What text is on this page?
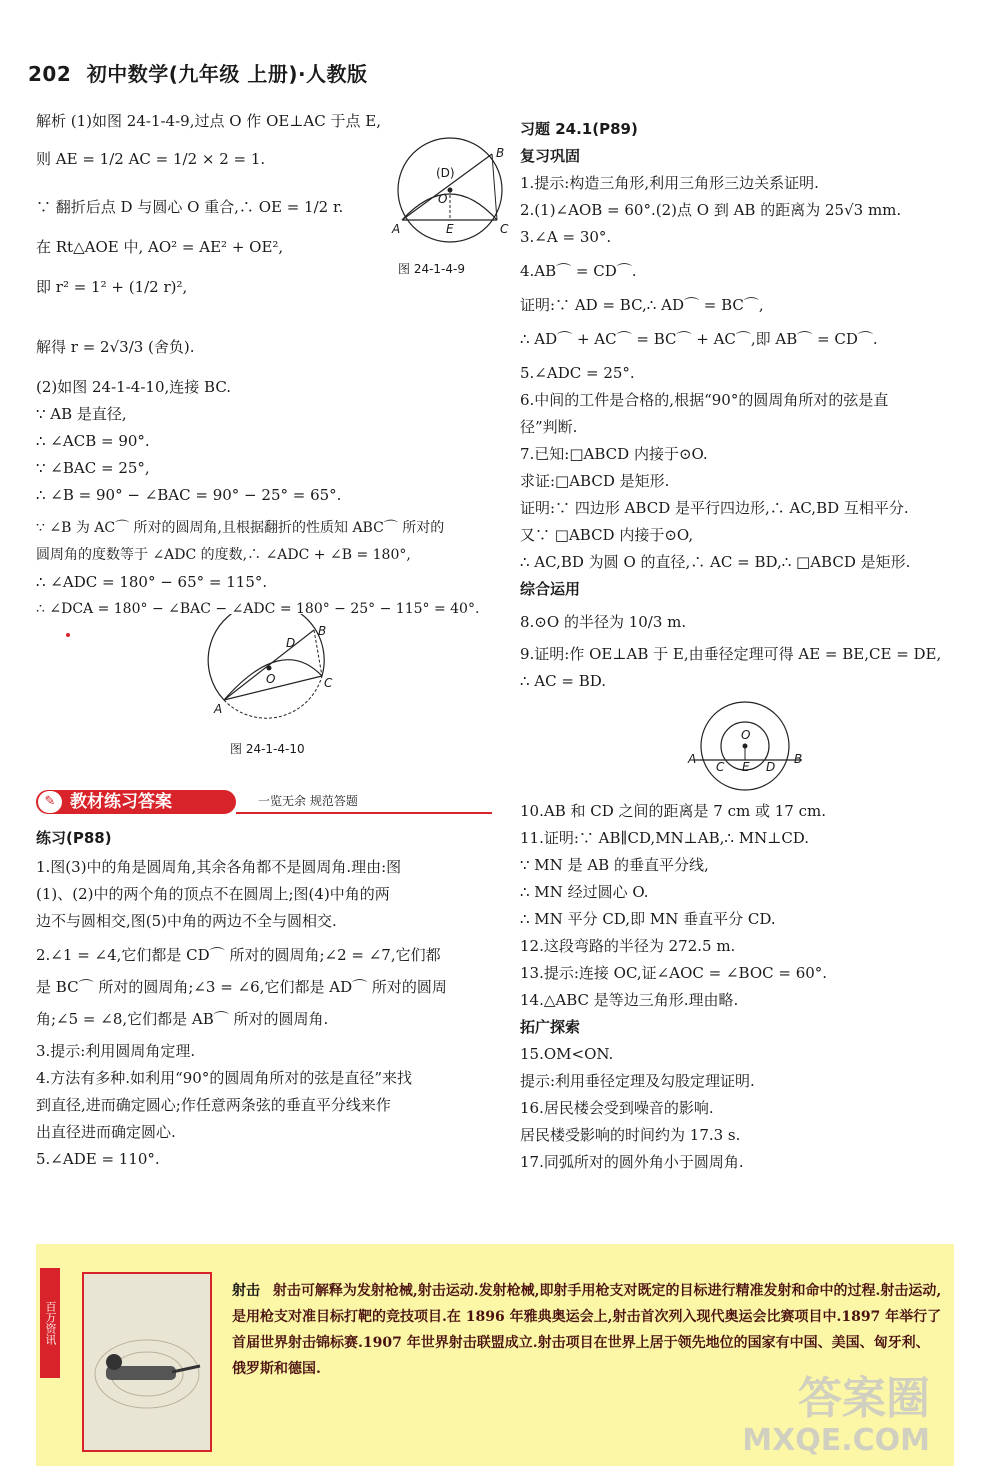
202 初中数学(九年级 上册)·人教版
解析 (1)如图 24-1-4-9,过点 O 作 OE⊥AC 于点 E,
则 AE = 1/2 AC = 1/2 × 2 = 1.
∵ 翻折后点 D 与圆心 O 重合,∴ OE = 1/2 r.
在 Rt△AOE 中, AO² = AE² + OE²,
即 r² = 1² + (1/2 r)²,
解得 r = 2√3/3 (舍负).
(2)如图 24-1-4-10,连接 BC.
∵ AB 是直径,
∴ ∠ACB = 90°.
∵ ∠BAC = 25°,
∴ ∠B = 90° − ∠BAC = 90° − 25° = 65°.
∵ ∠B 为 AC⌒ 所对的圆周角,且根据翻折的性质知 ABC⌒ 所对的
圆周角的度数等于 ∠ADC 的度数,∴ ∠ADC + ∠B = 180°,
∴ ∠ADC = 180° − 65° = 115°.
∴ ∠DCA = 180° − ∠BAC − ∠ADC = 180° − 25° − 115° = 40°.
(D)
O
B
A	E	C
图 24-1-4-9
D
B
O	C
A
图 24-1-4-10
✎ 教材练习答案	一览无余 规范答题
练习(P88)
1.图(3)中的角是圆周角,其余各角都不是圆周角.理由:图
(1)、(2)中的两个角的顶点不在圆周上;图(4)中角的两
边不与圆相交,图(5)中角的两边不全与圆相交.
2.∠1 = ∠4,它们都是 CD⌒ 所对的圆周角;∠2 = ∠7,它们都
是 BC⌒ 所对的圆周角;∠3 = ∠6,它们都是 AD⌒ 所对的圆周
角;∠5 = ∠8,它们都是 AB⌒ 所对的圆周角.
3.提示:利用圆周角定理.
4.方法有多种.如利用“90°的圆周角所对的弦是直径”来找
到直径,进而确定圆心;作任意两条弦的垂直平分线来作
出直径进而确定圆心.
5.∠ADE = 110°.
习题 24.1(P89)
复习巩固
1.提示:构造三角形,利用三角形三边关系证明.
2.(1)∠AOB = 60°.(2)点 O 到 AB 的距离为 25√3 mm.
3.∠A = 30°.
4.AB⌒ = CD⌒.
证明:∵ AD = BC,∴ AD⌒ = BC⌒,
∴ AD⌒ + AC⌒ = BC⌒ + AC⌒,即 AB⌒ = CD⌒.
5.∠ADC = 25°.
6.中间的工件是合格的,根据“90°的圆周角所对的弦是直
径”判断.
7.已知:□ABCD 内接于⊙O.
求证:□ABCD 是矩形.
证明:∵ 四边形 ABCD 是平行四边形,∴ AC,BD 互相平分.
又∵ □ABCD 内接于⊙O,
∴ AC,BD 为圆 O 的直径,∴ AC = BD,∴ □ABCD 是矩形.
综合运用
8.⊙O 的半径为 10/3 m.
9.证明:作 OE⊥AB 于 E,由垂径定理可得 AE = BE,CE = DE,
∴ AC = BD.
O
A
C E D
B
10.AB 和 CD 之间的距离是 7 cm 或 17 cm.
11.证明:∵ AB∥CD,MN⊥AB,∴ MN⊥CD.
∵ MN 是 AB 的垂直平分线,
∴ MN 经过圆心 O.
∴ MN 平分 CD,即 MN 垂直平分 CD.
12.这段弯路的半径为 272.5 m.
13.提示:连接 OC,证∠AOC = ∠BOC = 60°.
14.△ABC 是等边三角形.理由略.
拓广探索
15.OM<ON.
提示:利用垂径定理及勾股定理证明.
16.居民楼会受到噪音的影响.
居民楼受影响的时间约为 17.3 s.
17.同弧所对的圆外角小于圆周角.
百万资讯
射击 射击可解释为发射枪械,射击运动.发射枪械,即射手用枪支对既定的目标进行精准发射和命中的过程.射击运动,是用枪支对准目标打靶的竞技项目.在 1896 年雅典奥运会上,射击首次列入现代奥运会比赛项目中.1897 年举行了首届世界射击锦标赛.1907 年世界射击联盟成立.射击项目在世界上居于领先地位的国家有中国、美国、匈牙利、俄罗斯和德国.
答案圈
MXQE.COM
